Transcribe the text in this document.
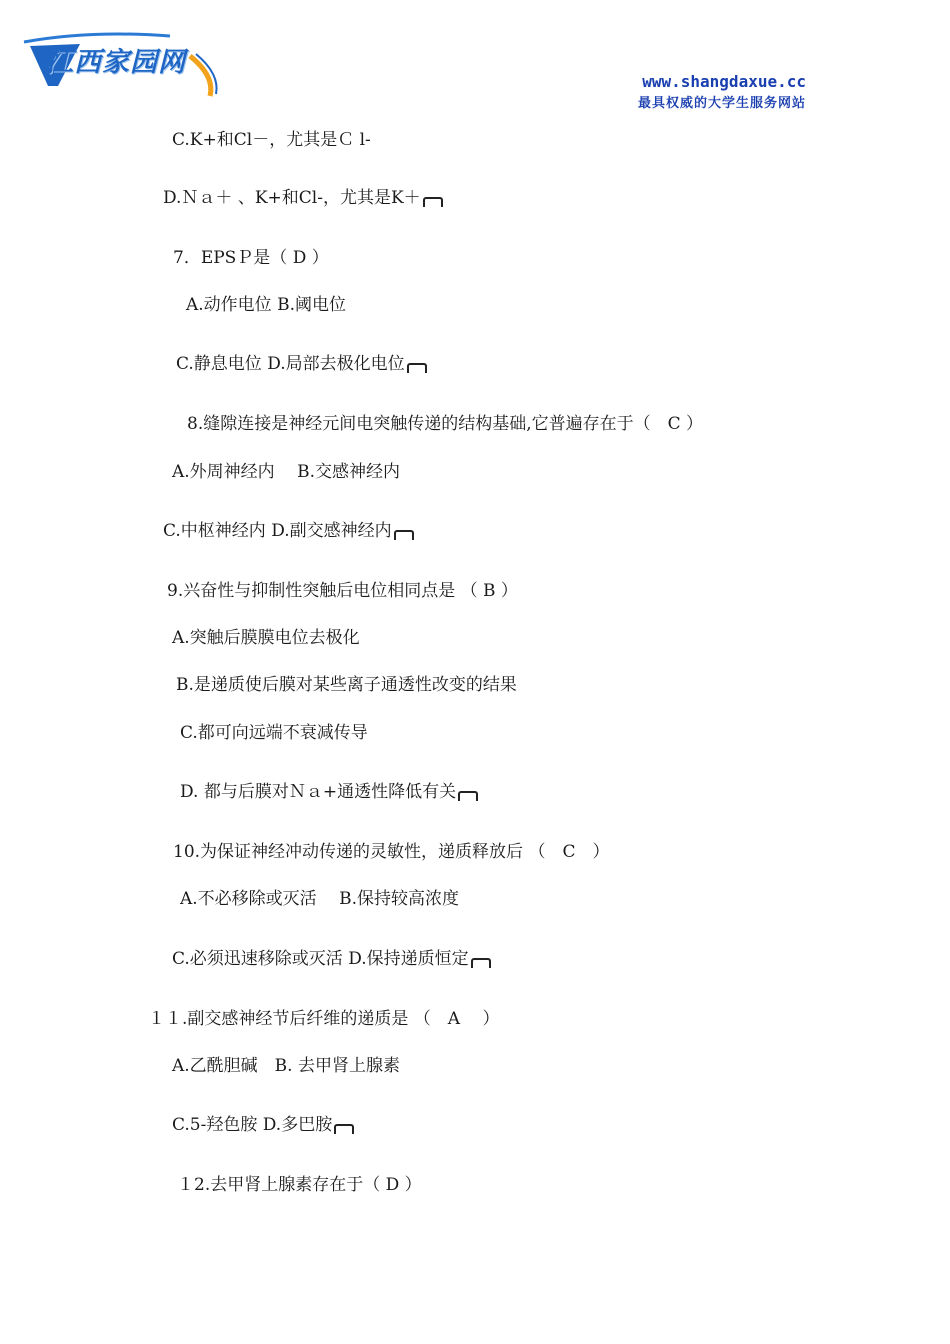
江西家园网
www.shangdaxue.cc
最具权威的大学生服务网站
C.K+和Cl－，尤其是Ｃ l-
D.Ｎａ＋ 、K+和Cl-，尤其是K＋
7．EPSＰ是（ D ）
A.动作电位 B.阈电位
C.静息电位 D.局部去极化电位
8.缝隙连接是神经元间电突触传递的结构基础,它普遍存在于（　C ）
A.外周神经内　 B.交感神经内
C.中枢神经内 D.副交感神经内
9.兴奋性与抑制性突触后电位相同点是 （ B ）
A.突触后膜膜电位去极化
B.是递质使后膜对某些离子通透性改变的结果
C.都可向远端不衰减传导
D. 都与后膜对Ｎａ+通透性降低有关
10.为保证神经冲动传递的灵敏性，递质释放后 （　C　）
A.不必移除或灭活　 B.保持较高浓度
C.必须迅速移除或灭活 D.保持递质恒定
１１.副交感神经节后纤维的递质是 （　A　 ）
A.乙酰胆碱　B. 去甲肾上腺素
C.5-羟色胺 D.多巴胺
１2.去甲肾上腺素存在于（ D ）
